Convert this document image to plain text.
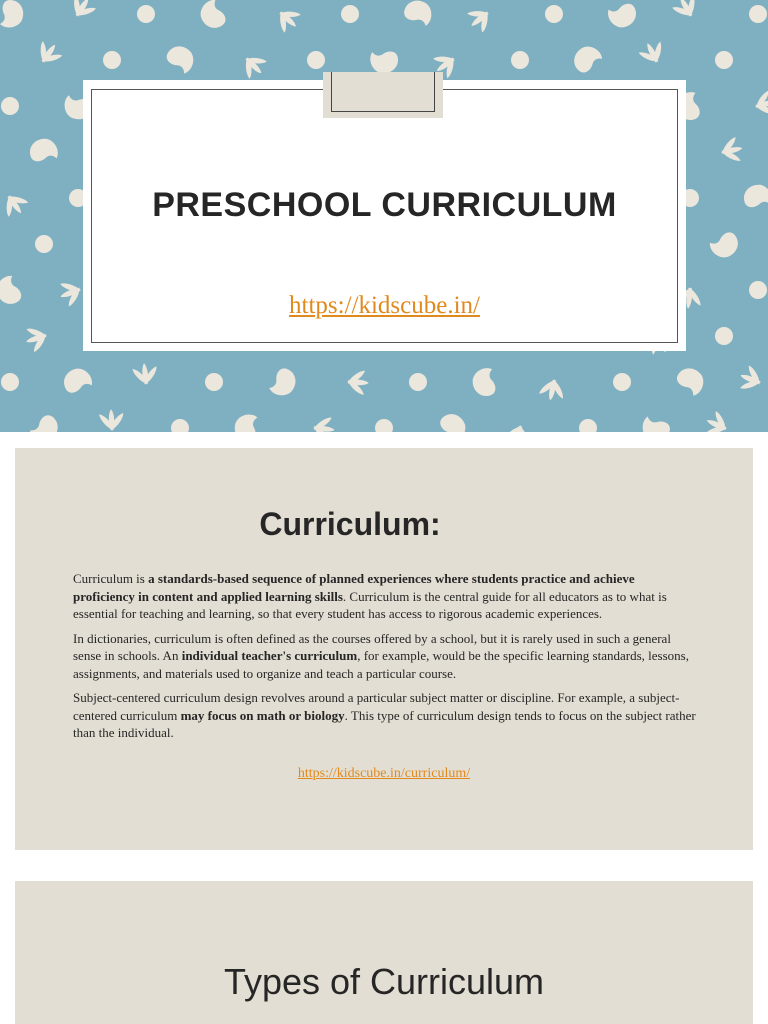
PRESCHOOL CURRICULUM
https://kidscube.in/
Curriculum:

Curriculum is a standards-based sequence of planned experiences where students practice and achieve proficiency in content and applied learning skills. Curriculum is the central guide for all educators as to what is essential for teaching and learning, so that every student has access to rigorous academic experiences.

In dictionaries, curriculum is often defined as the courses offered by a school, but it is rarely used in such a general sense in schools. An individual teacher's curriculum, for example, would be the specific learning standards, lessons, assignments, and materials used to organize and teach a particular course.

Subject-centered curriculum design revolves around a particular subject matter or discipline. For example, a subject-centered curriculum may focus on math or biology. This type of curriculum design tends to focus on the subject rather than the individual.

https://kidscube.in/curriculum/
Types of Curriculum
